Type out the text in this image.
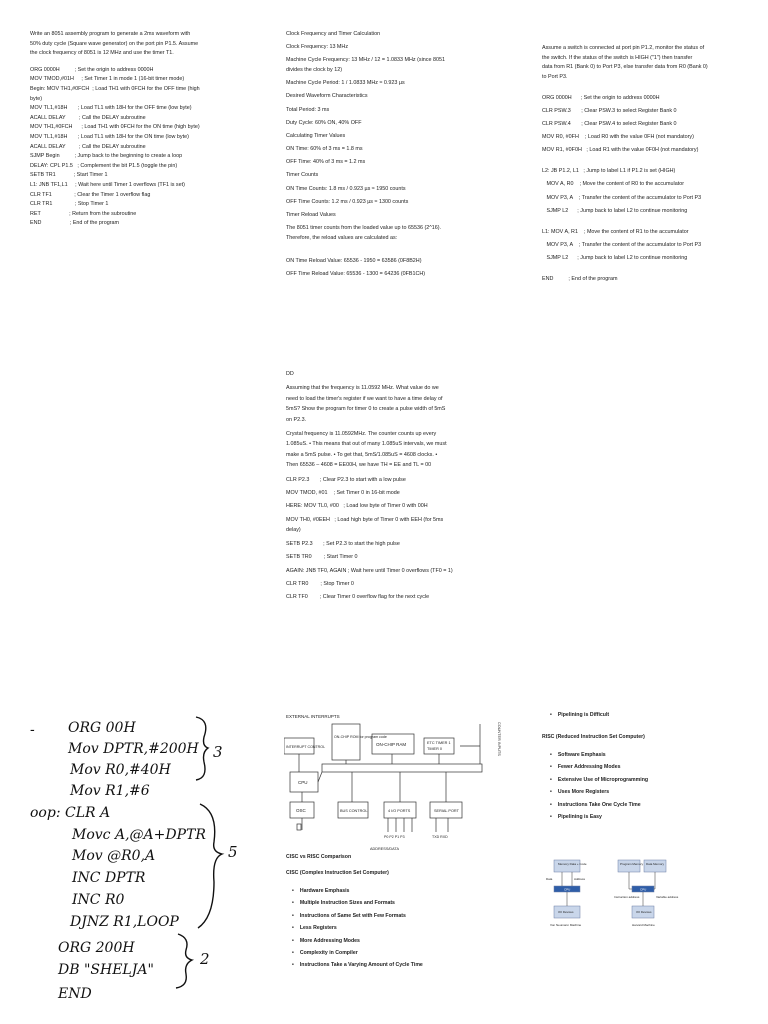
Write an 8051 assembly program to generate a 2ms waveform with
50% duty cycle (Square wave generator) on the port pin P1.5. Assume
the clock frequency of 8051 is 12 MHz and use the timer T1.
ORG 0000H          ; Set the origin to address 0000H
MOV TMOD,#01H     ; Set Timer 1 in mode 1 (16-bit timer mode)
Begin: MOV TH1,#0FCH  ; Load TH1 with 0FCH for the OFF time (high
byte)
MOV TL1,#18H       ; Load TL1 with 18H for the OFF time (low byte)
ACALL DELAY         ; Call the DELAY subroutine
MOV TH1,#0FCH      ; Load TH1 with 0FCH for the ON time (high byte)
MOV TL1,#18H       ; Load TL1 with 18H for the ON time (low byte)
ACALL DELAY         ; Call the DELAY subroutine
SJMP Begin          ; Jump back to the beginning to create a loop
DELAY: CPL P1.5   ; Complement the bit P1.5 (toggle the pin)
SETB TR1            ; Start Timer 1
L1: JNB TF1,L1     ; Wait here until Timer 1 overflows (TF1 is set)
CLR TF1               ; Clear the Timer 1 overflow flag
CLR TR1               ; Stop Timer 1
RET                   ; Return from the subroutine
END                   ; End of the program
Clock Frequency and Timer Calculation
Clock Frequency: 13 MHz
Machine Cycle Frequency: 13 MHz / 12 = 1.0833 MHz (since 8051
divides the clock by 12)
Machine Cycle Period: 1 / 1.0833 MHz ≈ 0.923 µs
Desired Waveform Characteristics
Total Period: 3 ms
Duty Cycle: 60% ON, 40% OFF
Calculating Timer Values
ON Time: 60% of 3 ms = 1.8 ms
OFF Time: 40% of 3 ms = 1.2 ms
Timer Counts
ON Time Counts: 1.8 ms / 0.923 µs ≈ 1950 counts
OFF Time Counts: 1.2 ms / 0.923 µs ≈ 1300 counts
Timer Reload Values
The 8051 timer counts from the loaded value up to 65536 (2^16).
Therefore, the reload values are calculated as:
ON Time Reload Value: 65536 - 1950 = 63586 (0F8B2H)
OFF Time Reload Value: 65536 - 1300 = 64236 (0FB1CH)
Assume a switch is connected at port pin P1.2, monitor the status of
the switch. If the status of the switch is HIGH ("1") then transfer
data from R1 (Bank 0) to Port P3, else transfer data from R0 (Bank 0)
to Port P3.
ORG 0000H      ; Set the origin to address 0000H
CLR PSW.3       ; Clear PSW.3 to select Register Bank 0
CLR PSW.4       ; Clear PSW.4 to select Register Bank 0
MOV R0, #0FH    ; Load R0 with the value 0FH (not mandatory)
MOV R1, #0F0H   ; Load R1 with the value 0F0H (not mandatory)
L2: JB P1.2, L1   ; Jump to label L1 if P1.2 is set (HIGH)
MOV A, R0    ; Move the content of R0 to the accumulator
MOV P3, A    ; Transfer the content of the accumulator to Port P3
SJMP L2      ; Jump back to label L2 to continue monitoring
L1: MOV A, R1    ; Move the content of R1 to the accumulator
MOV P3, A    ; Transfer the content of the accumulator to Port P3
SJMP L2      ; Jump back to label L2 to continue monitoring
END          ; End of the program
DD
Assuming that the frequency is 11.0592 MHz. What value do we
need to load the timer's register if we want to have a time delay of
5mS? Show the program for timer 0 to create a pulse width of 5mS
on P2.3.
Crystal frequency is 11.0592MHz. The counter counts up every
1.085uS. • This means that out of many 1.085uS intervals, we must
make a 5mS pulse. • To get that, 5mS/1.085uS = 4608 clocks. •
Then 65536 – 4608 = EE00H, we have TH = EE and TL = 00
CLR P2.3       ; Clear P2.3 to start with a low pulse
MOV TMOD, #01    ; Set Timer 0 in 16-bit mode
HERE: MOV TL0, #00   ; Load low byte of Timer 0 with 00H
MOV TH0, #0EEH   ; Load high byte of Timer 0 with EEH (for 5ms
delay)
SETB P2.3       ; Set P2.3 to start the high pulse
SETB TR0        ; Start Timer 0
AGAIN: JNB TF0, AGAIN ; Wait here until Timer 0 overflows (TF0 = 1)
CLR TR0        ; Stop Timer 0
CLR TF0        ; Clear Timer 0 overflow flag for the next cycle
- ORG 00H
Mov DPTR,#200H
Mov R0,#40H
Mov R1,#6
oop: CLR A
Movc A,@A+DPTR
Mov @R0,A
INC DPTR
INC R0
DJNZ R1,LOOP
ORG 200H
DB "SHELJA"
END
3
5
2
EXTERNAL INTERRUPTS
ON-CHIP ROM for program code
ON-CHIP RAM	ETC TIMER 1
TIMER 0
INTERRUPT CONTROL
CPU
OSC	BUS CONTROL	4 I/O PORTS	SERIAL PORT
COUNTER INPUTS
P0 P2 P1 P3	TXD RXD
ADDRESS/DATA
CISC vs RISC Comparison
CISC (Complex Instruction Set Computer)
• Hardware Emphasis
• Multiple Instruction Sizes and Formats
• Instructions of Same Set with Few Formats
• Less Registers
• More Addressing Modes
• Complexity in Compiler
• Instructions Take a Varying Amount of Cycle Time
• Pipelining is Difficult
RISC (Reduced Instruction Set Computer)
• Software Emphasis
• Fewer Addressing Modes
• Extensive Use of Microprogramming
• Uses More Registers
• Instructions Take One Cycle Time
• Pipelining is Easy
Memory Data + Code
CPU
I/O Devices
Data	Address
Von Neumann Machine
Program Memory Data Memory
CPU
I/O Devices
Instruction address	Variable address
Harvard Machine
